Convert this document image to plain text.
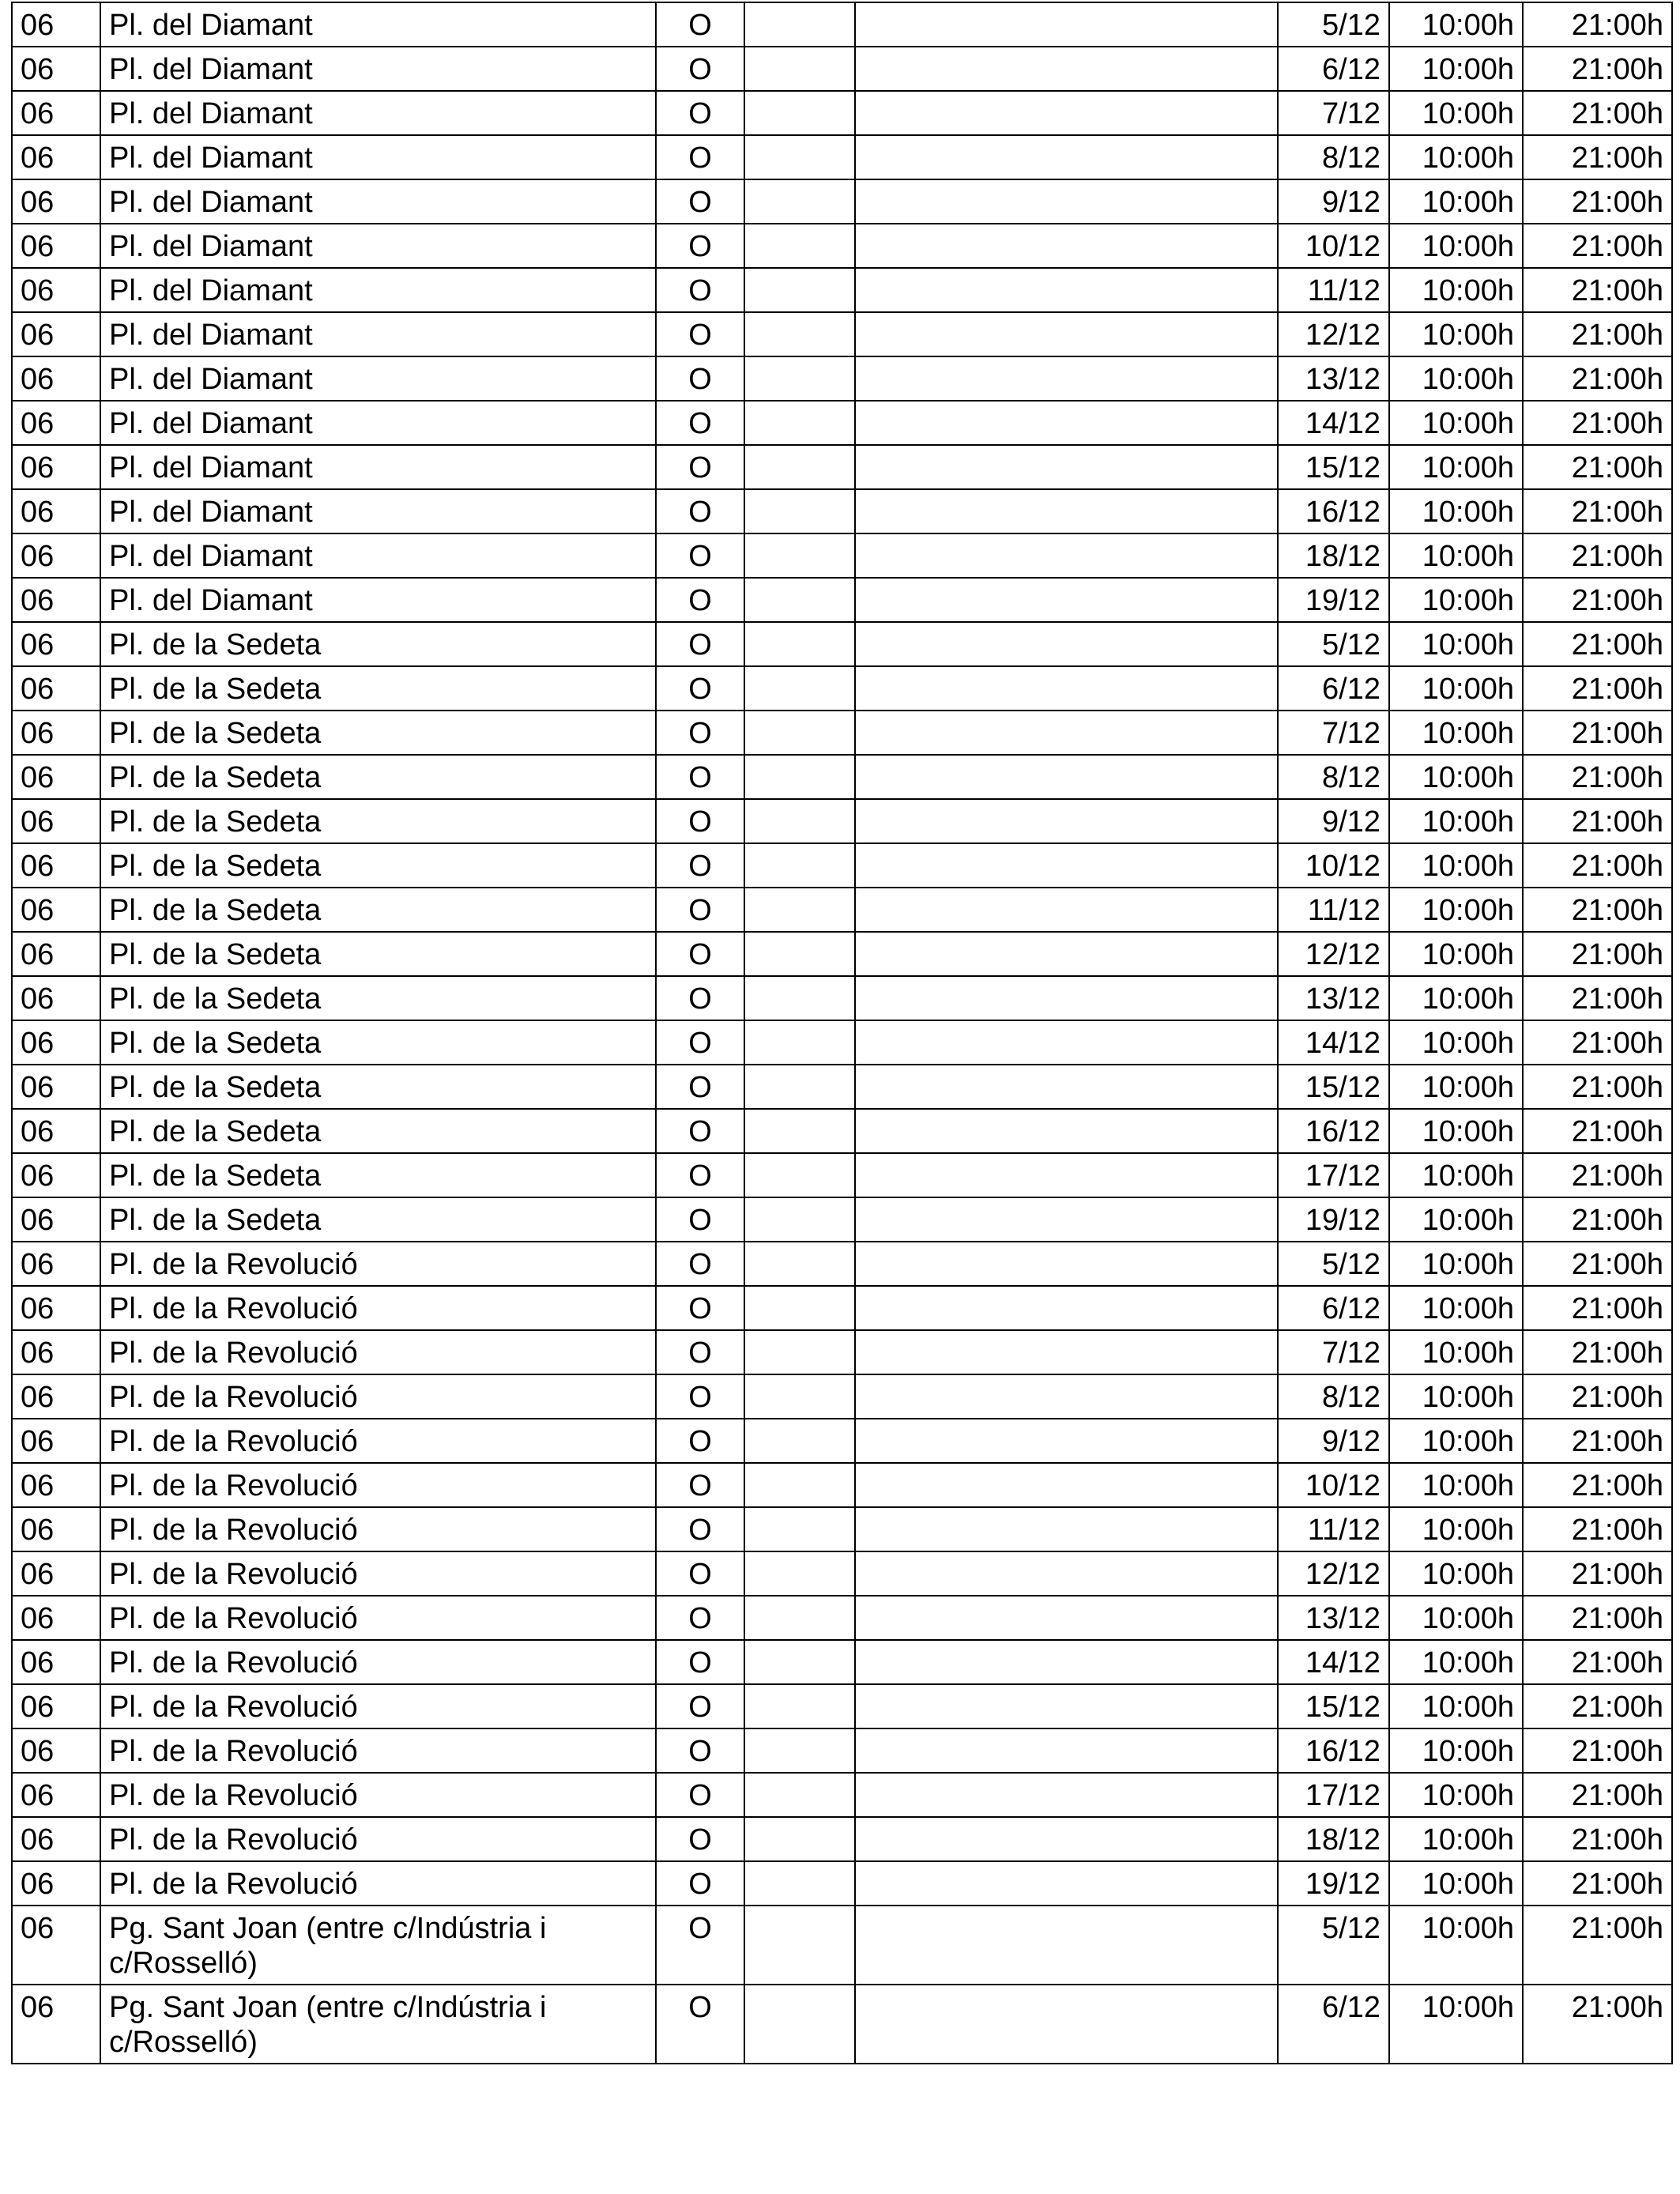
06	Pl. del Diamant	O			5/12	10:00h	21:00h
06	Pl. del Diamant	O			6/12	10:00h	21:00h
06	Pl. del Diamant	O			7/12	10:00h	21:00h
06	Pl. del Diamant	O			8/12	10:00h	21:00h
06	Pl. del Diamant	O			9/12	10:00h	21:00h
06	Pl. del Diamant	O			10/12	10:00h	21:00h
06	Pl. del Diamant	O			11/12	10:00h	21:00h
06	Pl. del Diamant	O			12/12	10:00h	21:00h
06	Pl. del Diamant	O			13/12	10:00h	21:00h
06	Pl. del Diamant	O			14/12	10:00h	21:00h
06	Pl. del Diamant	O			15/12	10:00h	21:00h
06	Pl. del Diamant	O			16/12	10:00h	21:00h
06	Pl. del Diamant	O			18/12	10:00h	21:00h
06	Pl. del Diamant	O			19/12	10:00h	21:00h
06	Pl. de la Sedeta	O			5/12	10:00h	21:00h
06	Pl. de la Sedeta	O			6/12	10:00h	21:00h
06	Pl. de la Sedeta	O			7/12	10:00h	21:00h
06	Pl. de la Sedeta	O			8/12	10:00h	21:00h
06	Pl. de la Sedeta	O			9/12	10:00h	21:00h
06	Pl. de la Sedeta	O			10/12	10:00h	21:00h
06	Pl. de la Sedeta	O			11/12	10:00h	21:00h
06	Pl. de la Sedeta	O			12/12	10:00h	21:00h
06	Pl. de la Sedeta	O			13/12	10:00h	21:00h
06	Pl. de la Sedeta	O			14/12	10:00h	21:00h
06	Pl. de la Sedeta	O			15/12	10:00h	21:00h
06	Pl. de la Sedeta	O			16/12	10:00h	21:00h
06	Pl. de la Sedeta	O			17/12	10:00h	21:00h
06	Pl. de la Sedeta	O			19/12	10:00h	21:00h
06	Pl. de la Revolució	O			5/12	10:00h	21:00h
06	Pl. de la Revolució	O			6/12	10:00h	21:00h
06	Pl. de la Revolució	O			7/12	10:00h	21:00h
06	Pl. de la Revolució	O			8/12	10:00h	21:00h
06	Pl. de la Revolució	O			9/12	10:00h	21:00h
06	Pl. de la Revolució	O			10/12	10:00h	21:00h
06	Pl. de la Revolució	O			11/12	10:00h	21:00h
06	Pl. de la Revolució	O			12/12	10:00h	21:00h
06	Pl. de la Revolució	O			13/12	10:00h	21:00h
06	Pl. de la Revolució	O			14/12	10:00h	21:00h
06	Pl. de la Revolució	O			15/12	10:00h	21:00h
06	Pl. de la Revolució	O			16/12	10:00h	21:00h
06	Pl. de la Revolució	O			17/12	10:00h	21:00h
06	Pl. de la Revolució	O			18/12	10:00h	21:00h
06	Pl. de la Revolució	O			19/12	10:00h	21:00h
06	Pg. Sant Joan (entre c/Indústria i c/Rosselló)	O			5/12	10:00h	21:00h
06	Pg. Sant Joan (entre c/Indústria i c/Rosselló)	O			6/12	10:00h	21:00h
